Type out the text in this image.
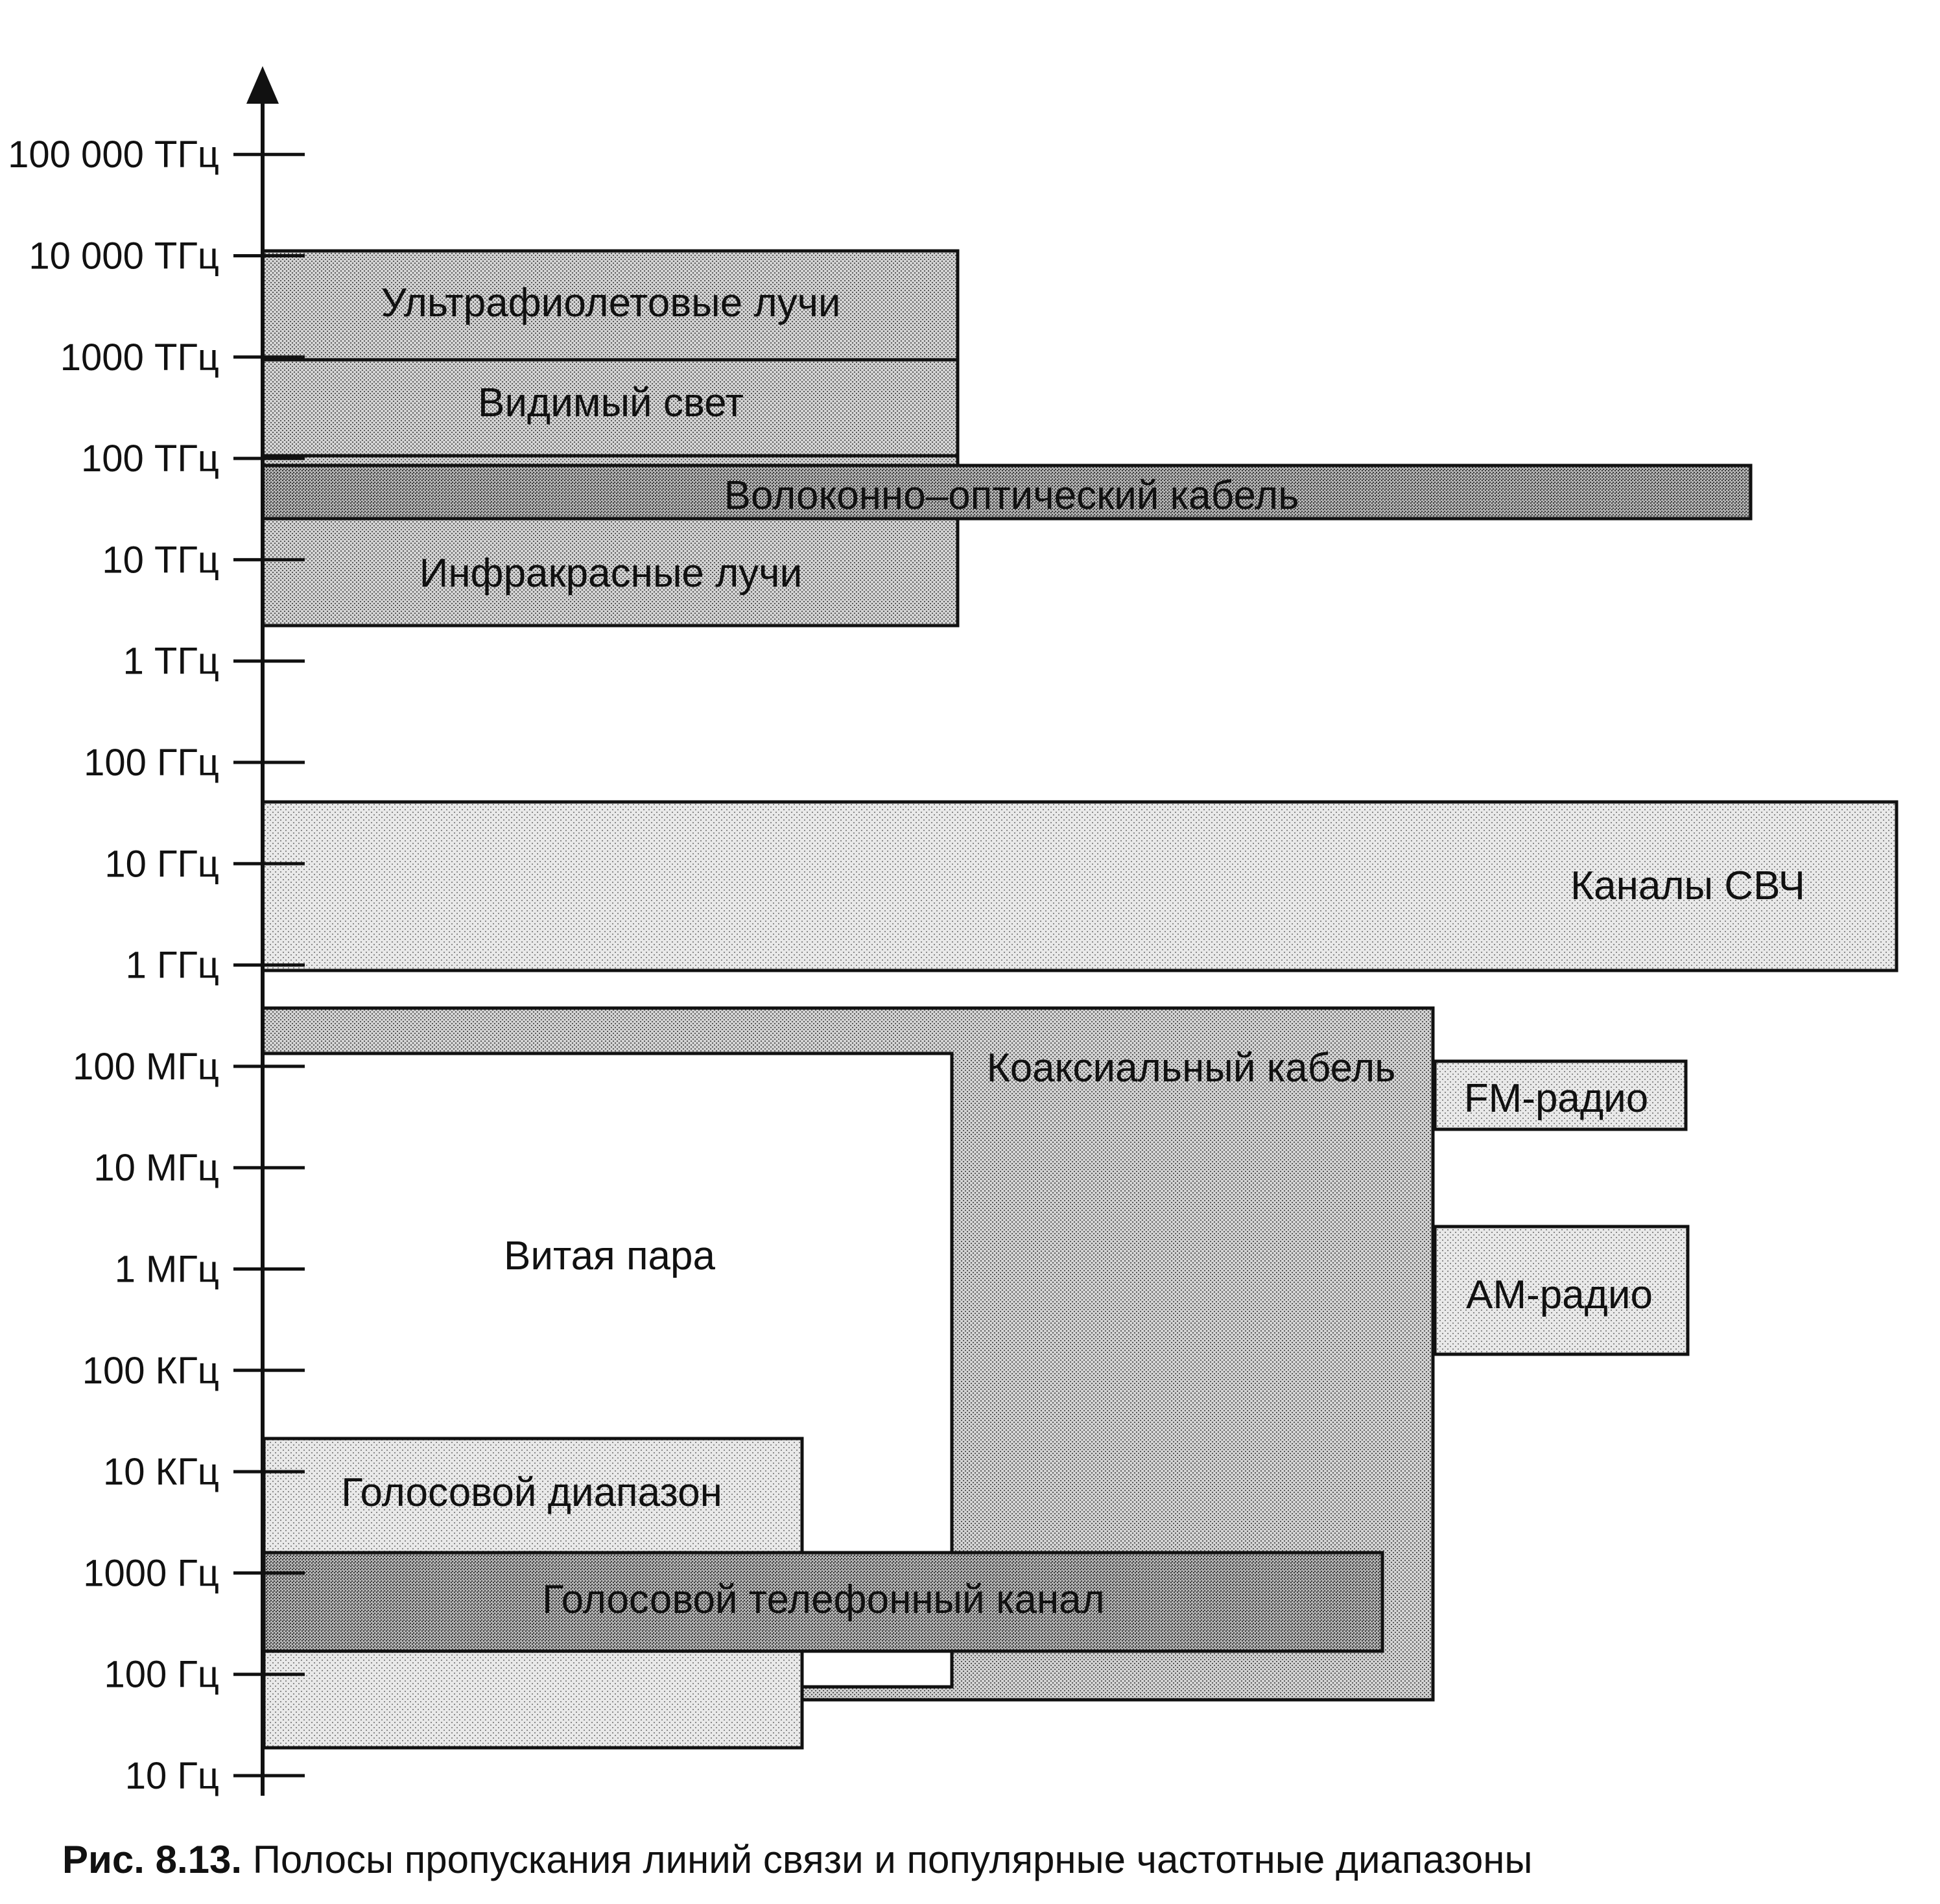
Каналы СВЧ
Коаксиальный кабель
Витая пара
Голосовой диапазон
Голосовой телефонный канал
FM-радио
АМ-радио
Ультрафиолетовые лучи
Видимый свет
Инфракрасные лучи
Волоконно–оптический кабель
10 Гц
100 Гц
1000 Гц
10 КГц
100 КГц
1 МГц
10 МГц
100 МГц
1 ГГц
10 ГГц
100 ГГц
1 ТГц
10 ТГц
100 ТГц
1000 ТГц
10 000 ТГц
100 000 ТГц
Рис. 8.13. Полосы пропускания линий связи и популярные частотные диапазоны
